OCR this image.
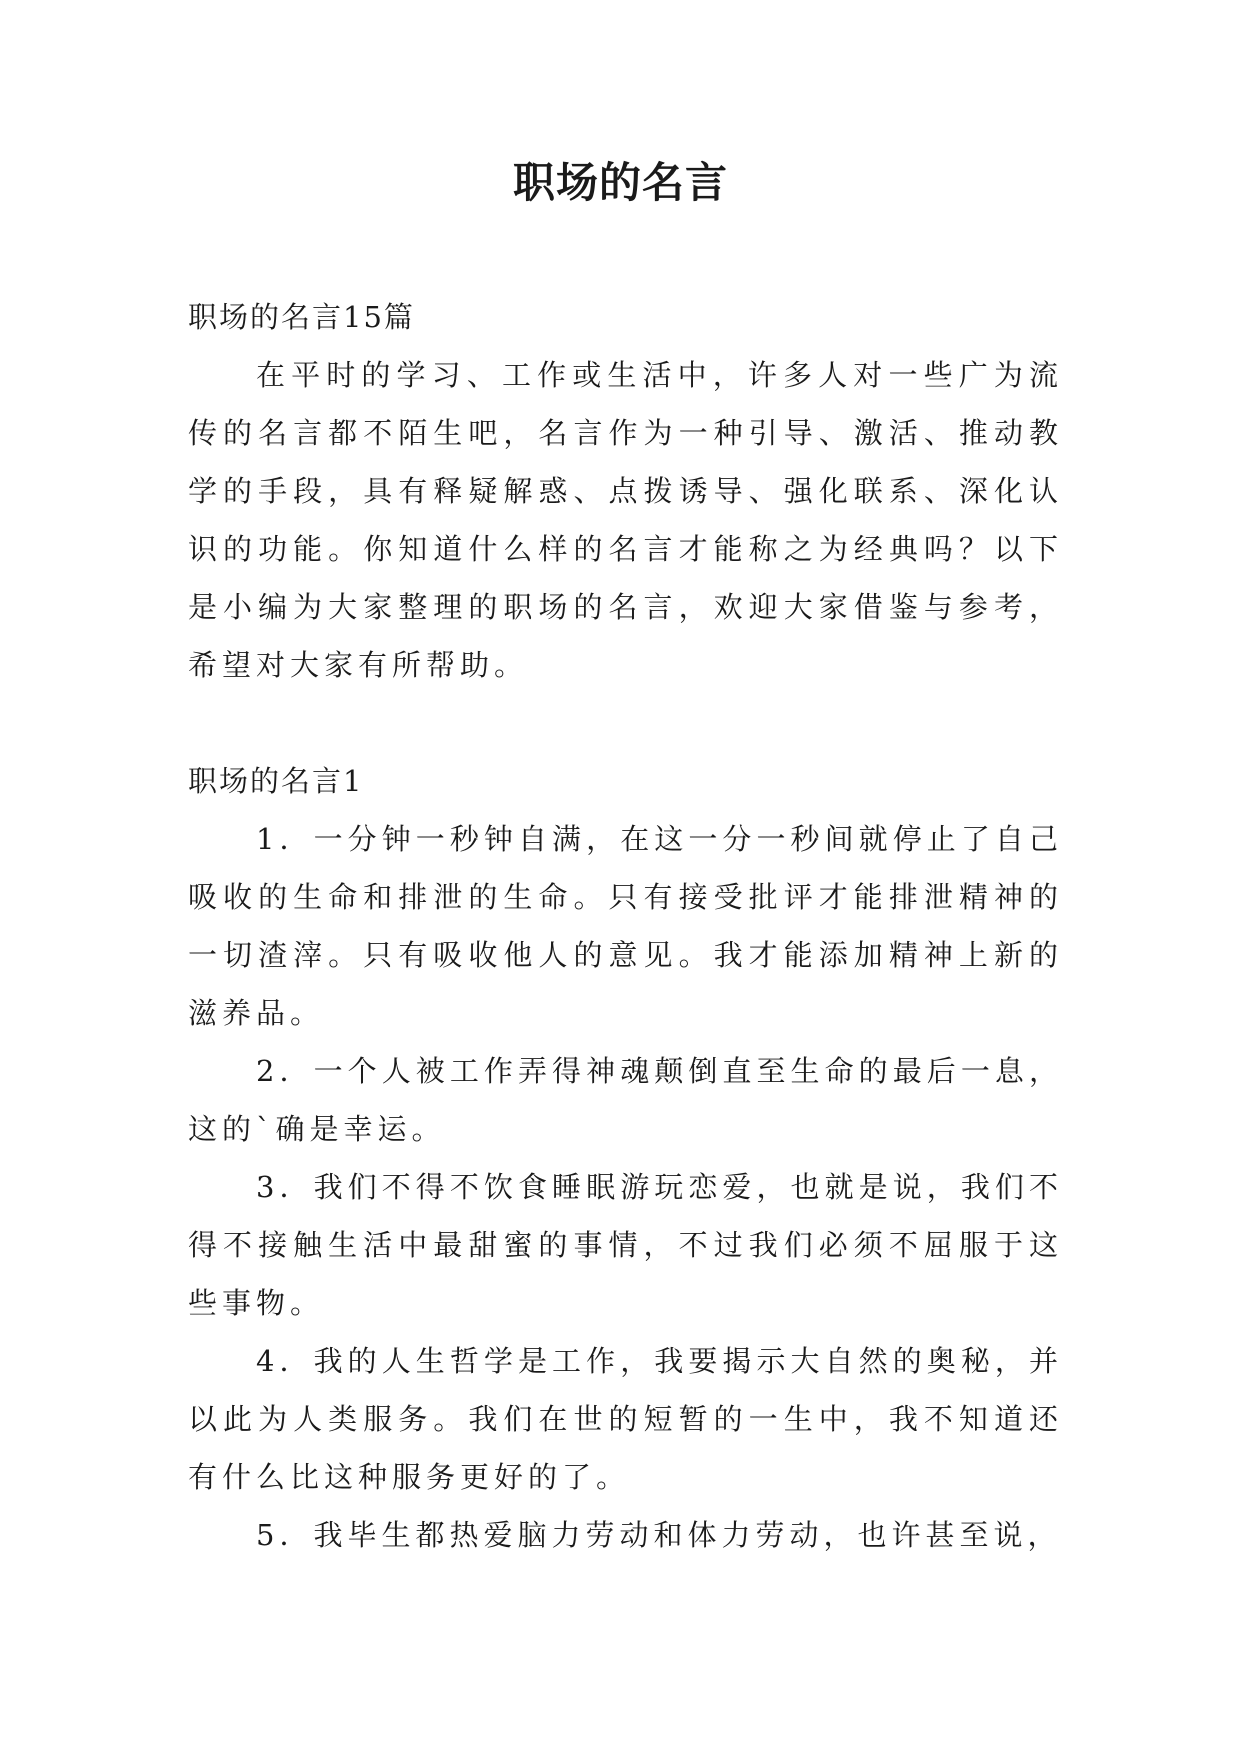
职场的名言

职场的名言15篇

在平时的学习、工作或生活中，许多人对一些广为流传的名言都不陌生吧，名言作为一种引导、激活、推动教学的手段，具有释疑解惑、点拨诱导、强化联系、深化认识的功能。你知道什么样的名言才能称之为经典吗？以下是小编为大家整理的职场的名言，欢迎大家借鉴与参考，希望对大家有所帮助。

职场的名言1

1．一分钟一秒钟自满，在这一分一秒间就停止了自己吸收的生命和排泄的生命。只有接受批评才能排泄精神的一切渣滓。只有吸收他人的意见。我才能添加精神上新的滋养品。

2．一个人被工作弄得神魂颠倒直至生命的最后一息，这的`确是幸运。

3．我们不得不饮食睡眠游玩恋爱，也就是说，我们不得不接触生活中最甜蜜的事情，不过我们必须不屈服于这些事物。

4．我的人生哲学是工作，我要揭示大自然的奥秘，并以此为人类服务。我们在世的短暂的一生中，我不知道还有什么比这种服务更好的了。

5．我毕生都热爱脑力劳动和体力劳动，也许甚至说，
